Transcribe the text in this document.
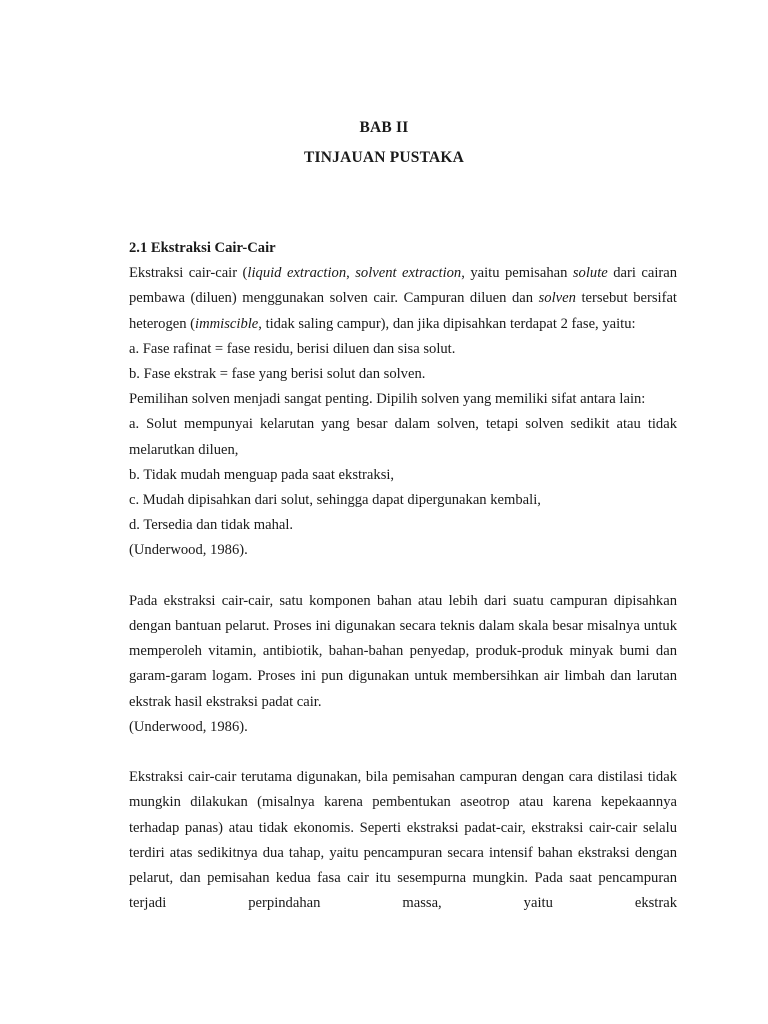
BAB II
TINJAUAN PUSTAKA
2.1 Ekstraksi Cair-Cair
Ekstraksi cair-cair (liquid extraction, solvent extraction, yaitu pemisahan solute dari cairan pembawa (diluen) menggunakan solven cair. Campuran diluen dan solven tersebut bersifat heterogen (immiscible, tidak saling campur), dan jika dipisahkan terdapat 2 fase, yaitu:
a. Fase rafinat = fase residu, berisi diluen dan sisa solut.
b. Fase ekstrak = fase yang berisi solut dan solven.
Pemilihan solven menjadi sangat penting. Dipilih solven yang memiliki sifat antara lain:
a. Solut mempunyai kelarutan yang besar dalam solven, tetapi solven sedikit atau tidak melarutkan diluen,
b. Tidak mudah menguap pada saat ekstraksi,
c. Mudah dipisahkan dari solut, sehingga dapat dipergunakan kembali,
d. Tersedia dan tidak mahal.
(Underwood, 1986).
Pada ekstraksi cair-cair, satu komponen bahan atau lebih dari suatu campuran dipisahkan dengan bantuan pelarut. Proses ini digunakan secara teknis dalam skala besar misalnya untuk memperoleh vitamin, antibiotik, bahan-bahan penyedap, produk-produk minyak bumi dan garam-garam logam. Proses ini pun digunakan untuk membersihkan air limbah dan larutan ekstrak hasil ekstraksi padat cair.
(Underwood, 1986).
Ekstraksi cair-cair terutama digunakan, bila pemisahan campuran dengan cara distilasi tidak mungkin dilakukan (misalnya karena pembentukan aseotrop atau karena kepekaannya terhadap panas) atau tidak ekonomis. Seperti ekstraksi padat-cair, ekstraksi cair-cair selalu terdiri atas sedikitnya dua tahap, yaitu pencampuran secara intensif bahan ekstraksi dengan pelarut, dan pemisahan kedua fasa cair itu sesempurna mungkin. Pada saat pencampuran terjadi perpindahan massa, yaitu ekstrak
